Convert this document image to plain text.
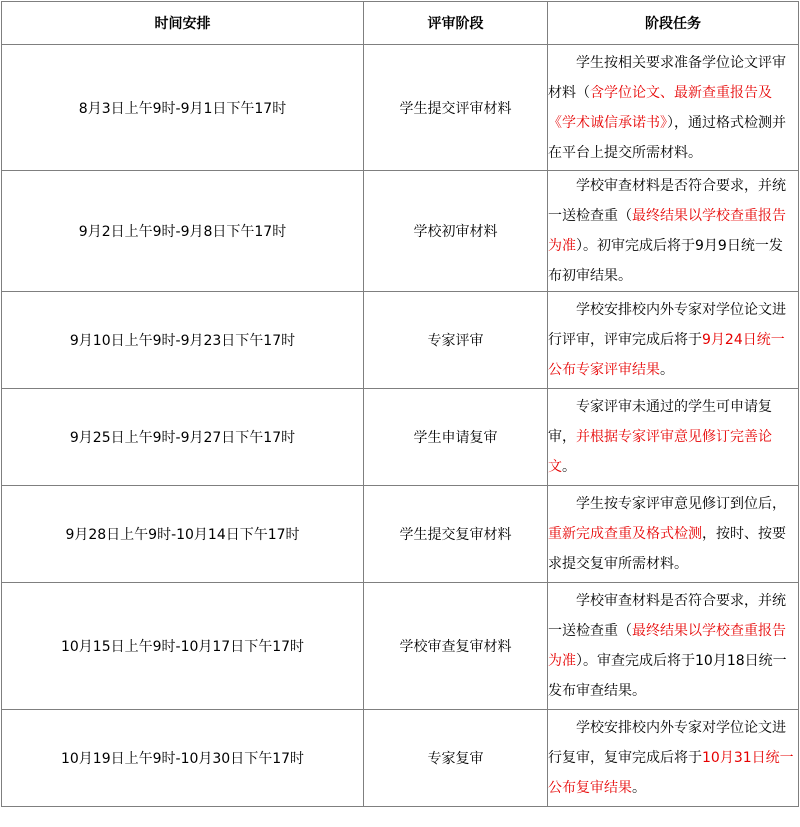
时间安排	评审阶段	阶段任务
8月3日上午9时-9月1日下午17时	学生提交评审材料	学生按相关要求准备学位论文评审材料（含学位论文、最新查重报告及《学术诚信承诺书》），通过格式检测并在平台上提交所需材料。
9月2日上午9时-9月8日下午17时	学校初审材料	学校审查材料是否符合要求，并统一送检查重（最终结果以学校查重报告为准）。初审完成后将于9月9日统一发布初审结果。
9月10日上午9时-9月23日下午17时	专家评审	学校安排校内外专家对学位论文进行评审，评审完成后将于9月24日统一公布专家评审结果。
9月25日上午9时-9月27日下午17时	学生申请复审	专家评审未通过的学生可申请复审，并根据专家评审意见修订完善论文。
9月28日上午9时-10月14日下午17时	学生提交复审材料	学生按专家评审意见修订到位后，重新完成查重及格式检测，按时、按要求提交复审所需材料。
10月15日上午9时-10月17日下午17时	学校审查复审材料	学校审查材料是否符合要求，并统一送检查重（最终结果以学校查重报告为准）。审查完成后将于10月18日统一发布审查结果。
10月19日上午9时-10月30日下午17时	专家复审	学校安排校内外专家对学位论文进行复审，复审完成后将于10月31日统一公布复审结果。
